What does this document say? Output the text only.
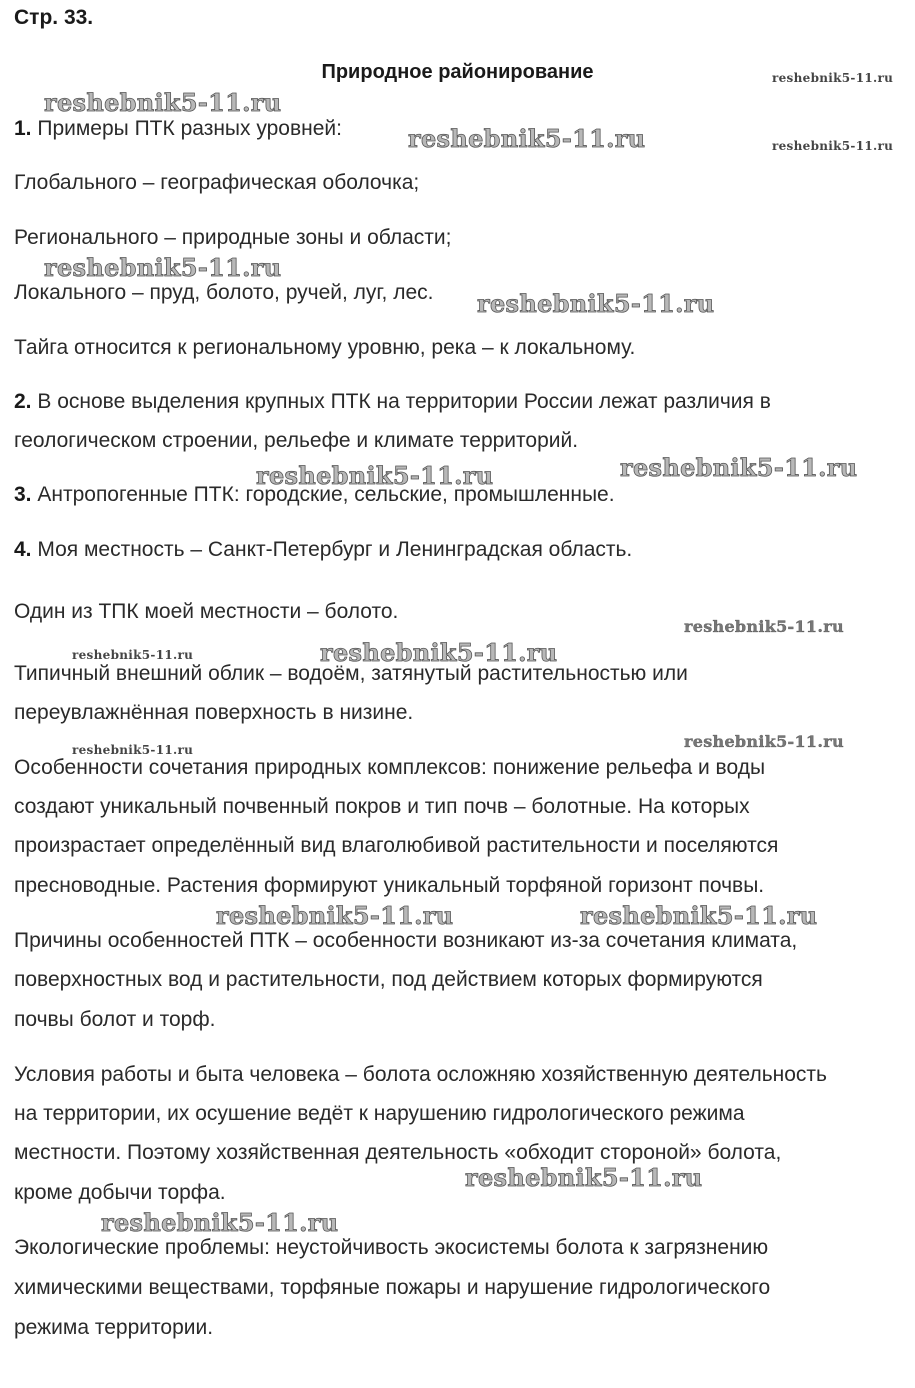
Стр. 33.
Природное районирование
1. Примеры ПТК разных уровней:
Глобального – географическая оболочка;
Регионального – природные зоны и области;
Локального – пруд, болото, ручей, луг, лес.
Тайга относится к региональному уровню, река – к локальному.
2. В основе выделения крупных ПТК на территории России лежат различия в
геологическом строении, рельефе и климате территорий.
3. Антропогенные ПТК: городские, сельские, промышленные.
4. Моя местность – Санкт-Петербург и Ленинградская область.
Один из ТПК моей местности – болото.
Типичный внешний облик – водоём, затянутый растительностью или
переувлажнённая поверхность в низине.
Особенности сочетания природных комплексов: понижение рельефа и воды
создают уникальный почвенный покров и тип почв – болотные. На которых
произрастает определённый вид влаголюбивой растительности и поселяются
пресноводные. Растения формируют уникальный торфяной горизонт почвы.
Причины особенностей ПТК – особенности возникают из-за сочетания климата,
поверхностных вод и растительности, под действием которых формируются
почвы болот и торф.
Условия работы и быта человека – болота осложняю хозяйственную деятельность
на территории, их осушение ведёт к нарушению гидрологического режима
местности. Поэтому хозяйственная деятельность «обходит стороной» болота,
кроме добычи торфа.
Экологические проблемы: неустойчивость экосистемы болота к загрязнению
химическими веществами, торфяные пожары и нарушение гидрологического
режима территории.
reshebnik5-11.ru
reshebnik5-11.ru
reshebnik5-11.ru
reshebnik5-11.ru
reshebnik5-11.ru
reshebnik5-11.ru
reshebnik5-11.ru	reshebnik5-11.ru
reshebnik5-11.ru
reshebnik5-11.ru	reshebnik5-11.ru
reshebnik5-11.ru	reshebnik5-11.ru
reshebnik5-11.ru	reshebnik5-11.ru
reshebnik5-11.ru
reshebnik5-11.ru
